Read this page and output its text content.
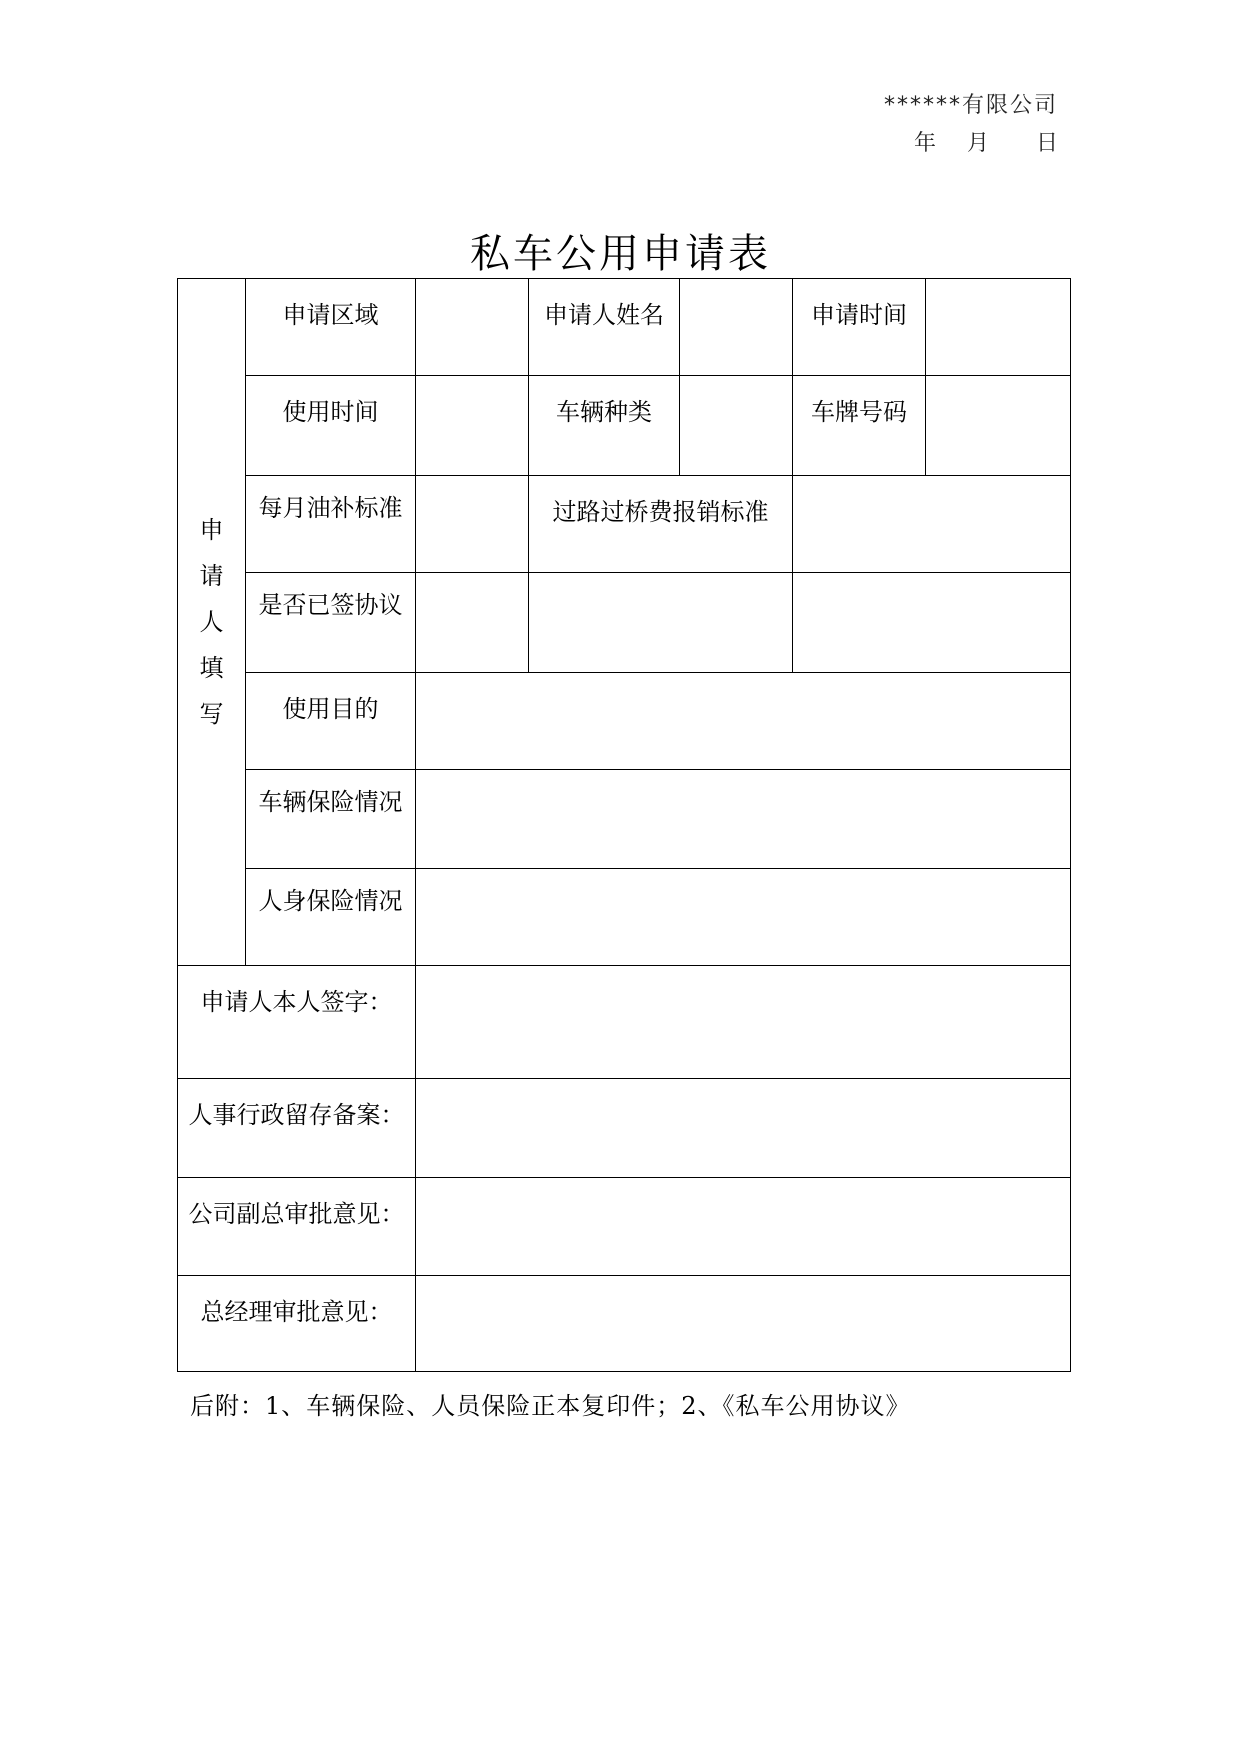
******有限公司
年 月 日
私车公用申请表
申请人填写	申请区域		申请人姓名		申请时间	
	使用时间		车辆种类		车牌号码	
	每月油补标准		过路过桥费报销标准			
	是否已签协议					
	使用目的					
	车辆保险情况					
	人身保险情况					
申请人本人签字：						
人事行政留存备案：						
公司副总审批意见：						
总经理审批意见：						
后附：1、车辆保险、人员保险正本复印件；2、《私车公用协议》
